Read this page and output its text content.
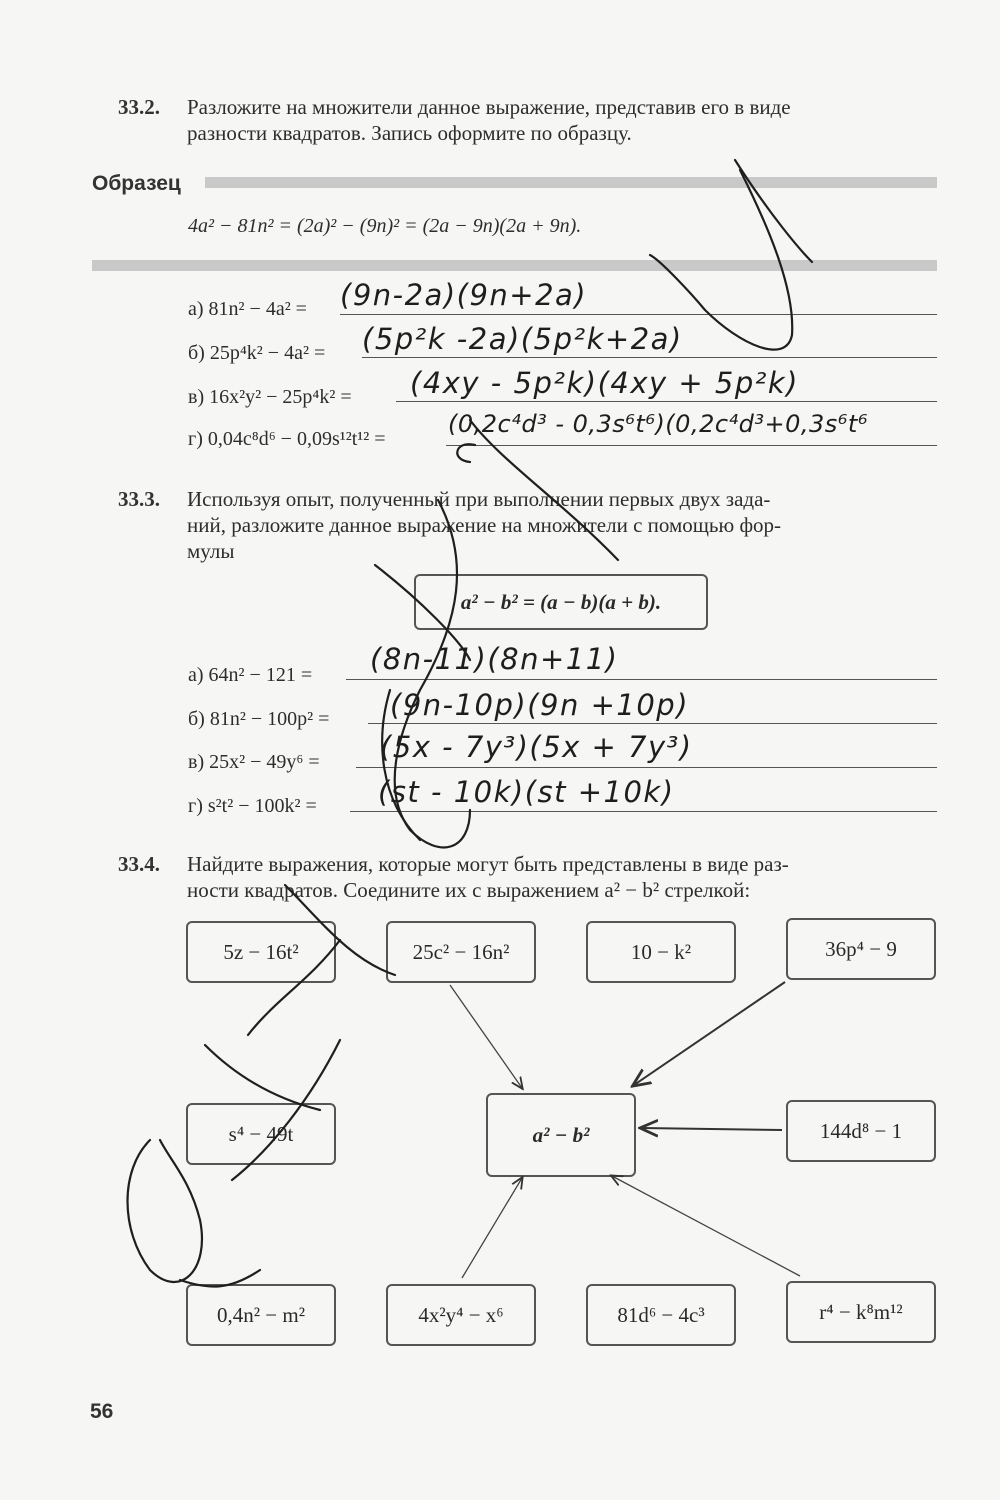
33.2. Разложите на множители данное выражение, представив его в виде
разности квадратов. Запись оформите по образцу.
Образец
4a² − 81n² = (2a)² − (9n)² = (2a − 9n)(2a + 9n).
а) 81n² − 4a² = (9n-2a)(9n+2a)
б) 25p⁴k² − 4a² = (5p²k -2a)(5p²k+2a)
в) 16x²y² − 25p⁴k² = (4xy - 5p²k)(4xy + 5p²k)
г) 0,04c⁸d⁶ − 0,09s¹²t¹² =
(0,2c⁴d³ - 0,3s⁶t⁶)(0,2c⁴d³+0,3s⁶t⁶
33.3. Используя опыт, полученный при выполнении первых двух зада-
ний, разложите данное выражение на множители с помощью фор-
мулы
a² − b² = (a − b)(a + b).
а) 64n² − 121 = (8n-11)(8n+11)
б) 81n² − 100p² = (9n-10p)(9n +10p)
в) 25x² − 49y⁶ = (5x - 7y³)(5x + 7y³)
г) s²t² − 100k² = (st - 10k)(st +10k)
33.4. Найдите выражения, которые могут быть представлены в виде раз-
ности квадратов. Соедините их с выражением a² − b² стрелкой:
5z − 16t²	25c² − 16n²	10 − k²	36p⁴ − 9
s⁴ − 49t	a² − b²	144d⁸ − 1
0,4n² − m²	4x²y⁴ − x⁶	81d⁶ − 4c³	r⁴ − k⁸m¹²
56
